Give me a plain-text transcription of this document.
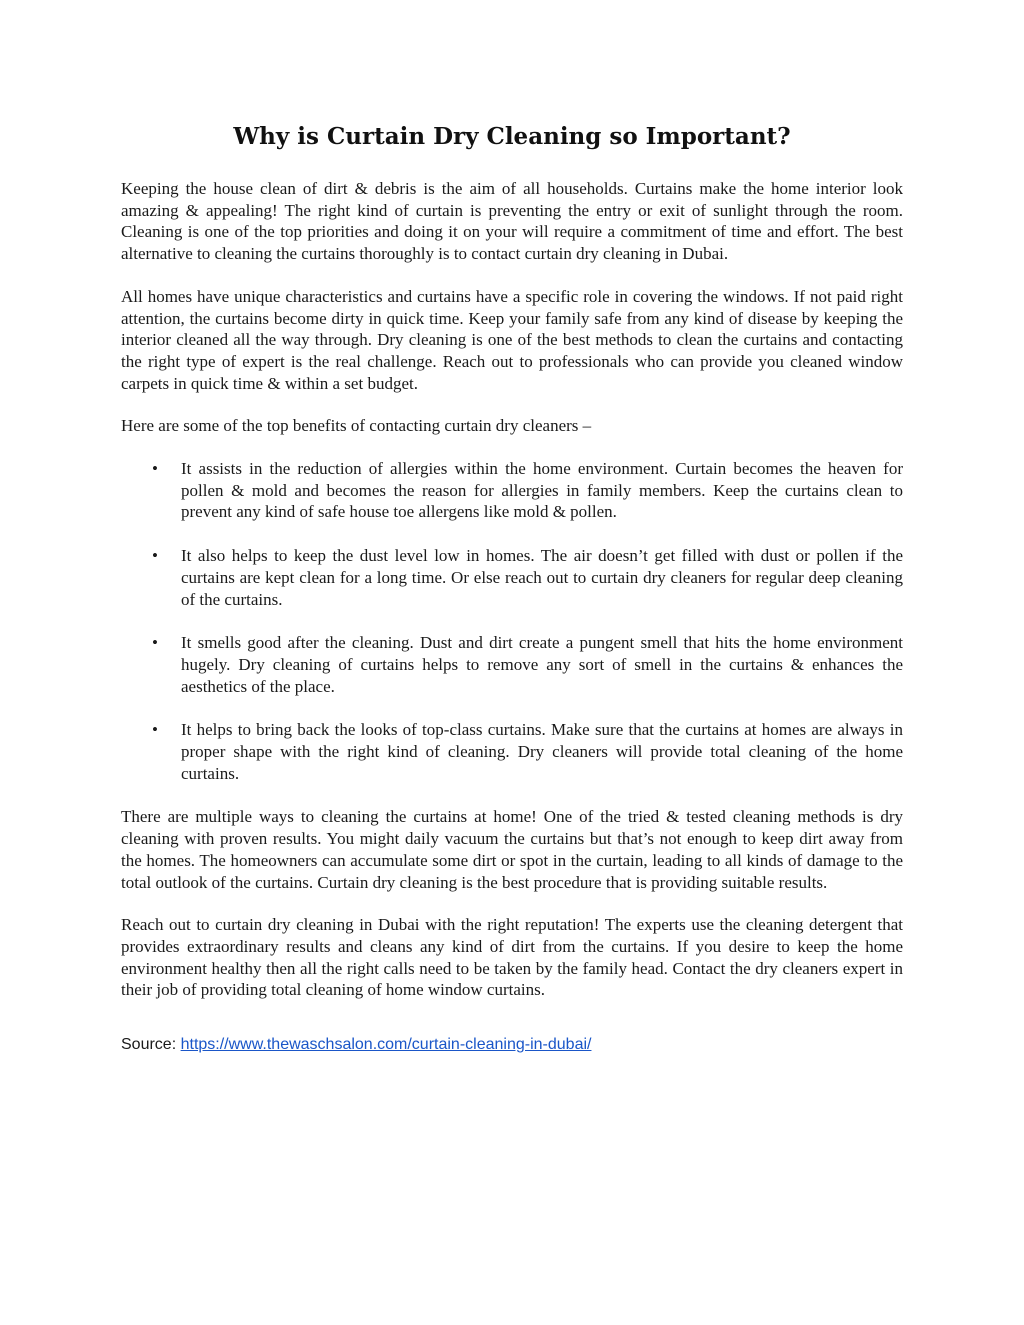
Why is Curtain Dry Cleaning so Important?

Keeping the house clean of dirt & debris is the aim of all households. Curtains make the home interior look amazing & appealing! The right kind of curtain is preventing the entry or exit of sunlight through the room. Cleaning is one of the top priorities and doing it on your will require a commitment of time and effort. The best alternative to cleaning the curtains thoroughly is to contact curtain dry cleaning in Dubai.

All homes have unique characteristics and curtains have a specific role in covering the windows. If not paid right attention, the curtains become dirty in quick time. Keep your family safe from any kind of disease by keeping the interior cleaned all the way through. Dry cleaning is one of the best methods to clean the curtains and contacting the right type of expert is the real challenge. Reach out to professionals who can provide you cleaned window carpets in quick time & within a set budget.

Here are some of the top benefits of contacting curtain dry cleaners –

• It assists in the reduction of allergies within the home environment. Curtain becomes the heaven for pollen & mold and becomes the reason for allergies in family members. Keep the curtains clean to prevent any kind of safe house toe allergens like mold & pollen.
• It also helps to keep the dust level low in homes. The air doesn’t get filled with dust or pollen if the curtains are kept clean for a long time. Or else reach out to curtain dry cleaners for regular deep cleaning of the curtains.
• It smells good after the cleaning. Dust and dirt create a pungent smell that hits the home environment hugely. Dry cleaning of curtains helps to remove any sort of smell in the curtains & enhances the aesthetics of the place.
• It helps to bring back the looks of top-class curtains. Make sure that the curtains at homes are always in proper shape with the right kind of cleaning. Dry cleaners will provide total cleaning of the home curtains.

There are multiple ways to cleaning the curtains at home! One of the tried & tested cleaning methods is dry cleaning with proven results. You might daily vacuum the curtains but that’s not enough to keep dirt away from the homes. The homeowners can accumulate some dirt or spot in the curtain, leading to all kinds of damage to the total outlook of the curtains. Curtain dry cleaning is the best procedure that is providing suitable results.

Reach out to curtain dry cleaning in Dubai with the right reputation! The experts use the cleaning detergent that provides extraordinary results and cleans any kind of dirt from the curtains. If you desire to keep the home environment healthy then all the right calls need to be taken by the family head. Contact the dry cleaners expert in their job of providing total cleaning of home window curtains.

Source: https://www.thewaschsalon.com/curtain-cleaning-in-dubai/
